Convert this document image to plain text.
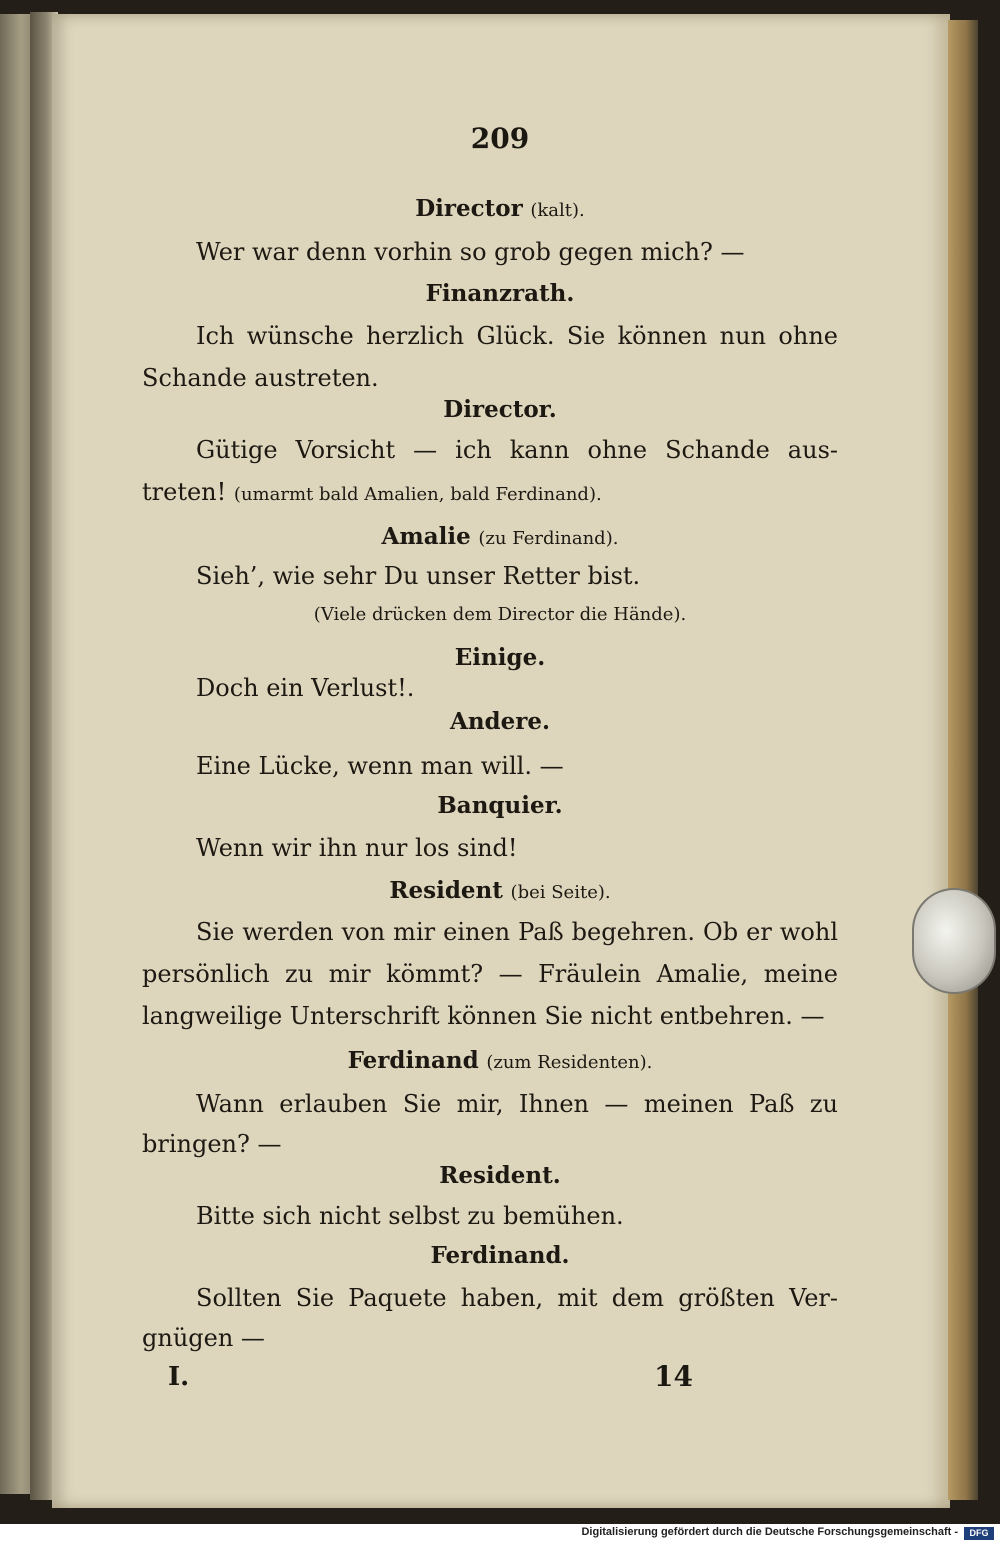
209
Director (kalt).
Wer war denn vorhin so grob gegen mich? —
Finanzrath.
Ich wünsche herzlich Glück. Sie können nun ohne
Schande austreten.
Director.
Gütige Vorsicht — ich kann ohne Schande aus-
treten! (umarmt bald Amalien, bald Ferdinand).
Amalie (zu Ferdinand).
Sieh’, wie sehr Du unser Retter bist.
(Viele drücken dem Director die Hände).
Einige.
Doch ein Verlust!.
Andere.
Eine Lücke, wenn man will. —
Banquier.
Wenn wir ihn nur los sind!
Resident (bei Seite).
Sie werden von mir einen Paß begehren. Ob er wohl
persönlich zu mir kömmt? — Fräulein Amalie, meine
langweilige Unterschrift können Sie nicht entbehren. —
Ferdinand (zum Residenten).
Wann erlauben Sie mir, Ihnen — meinen Paß zu
bringen? —
Resident.
Bitte sich nicht selbst zu bemühen.
Ferdinand.
Sollten Sie Paquete haben, mit dem größten Ver-
gnügen —
I.	14
Digitalisierung gefördert durch die Deutsche Forschungsgemeinschaft -	DFG
